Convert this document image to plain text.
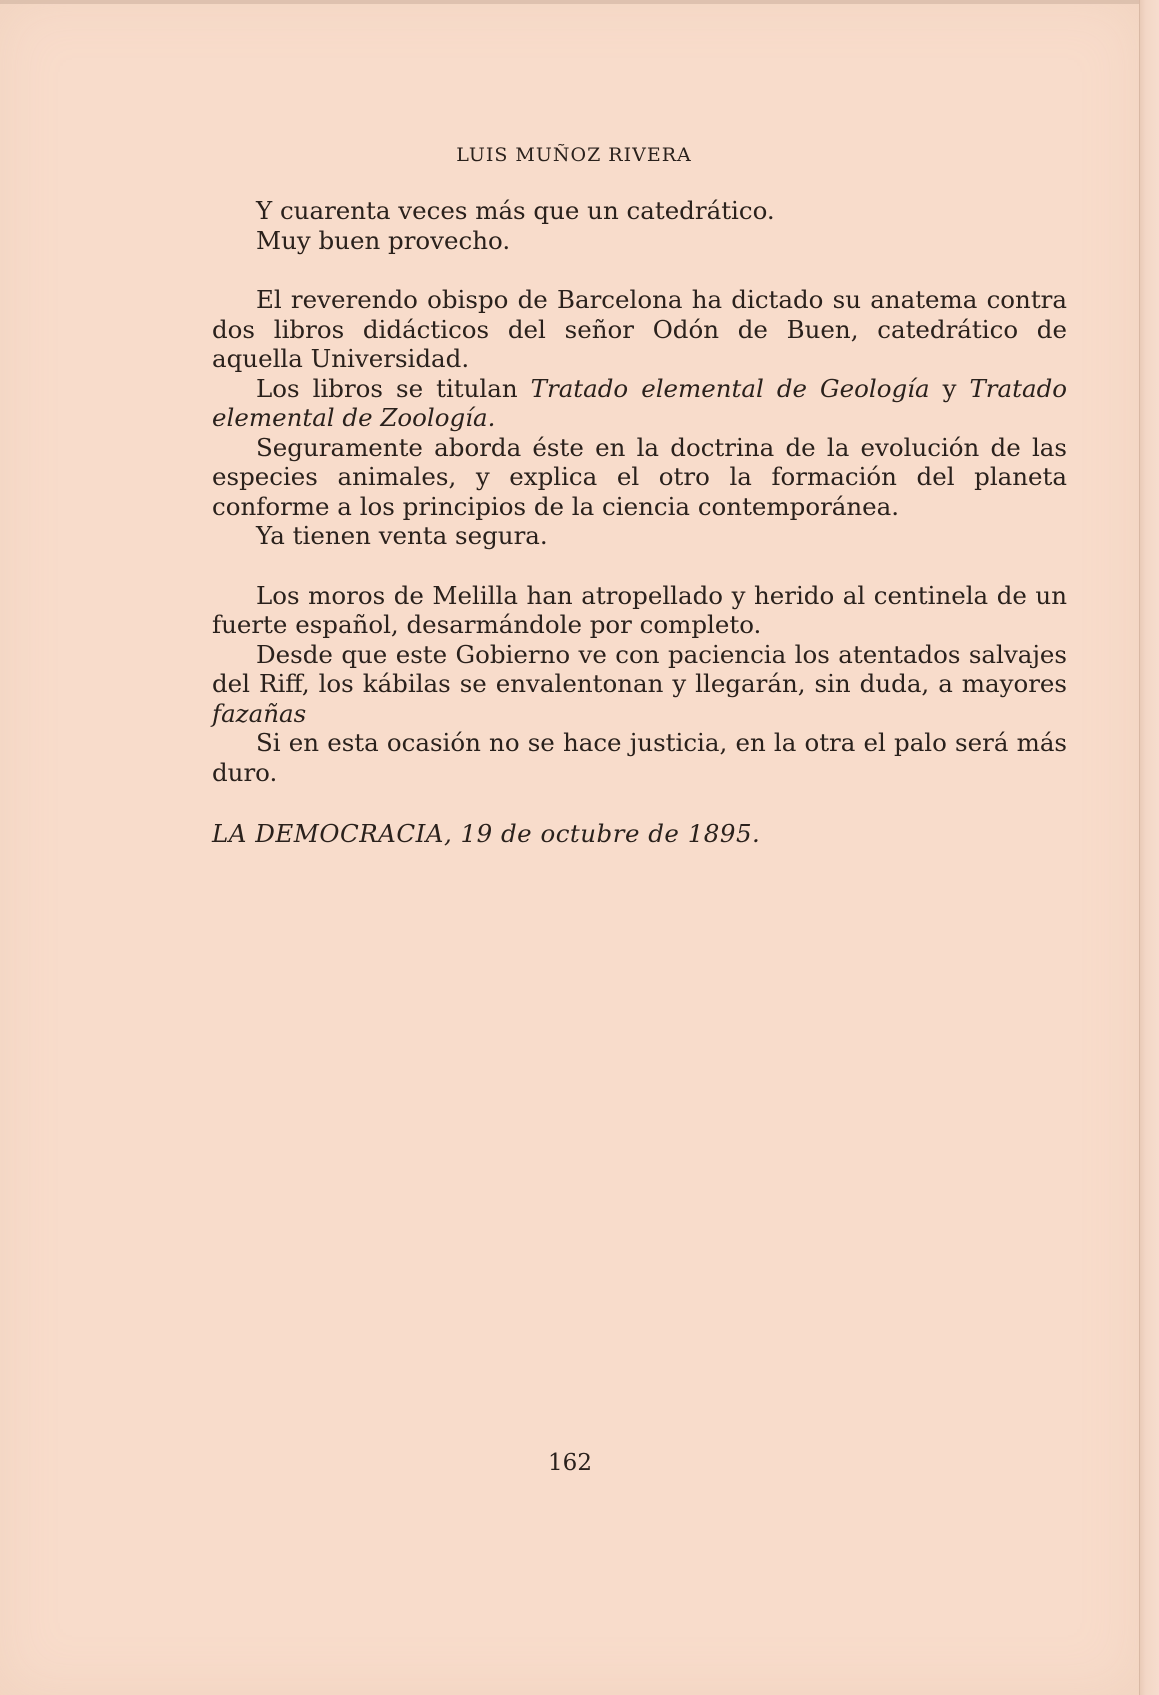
LUIS MUÑOZ RIVERA

Y cuarenta veces más que un catedrático.

Muy buen provecho.

El reverendo obispo de Barcelona ha dictado su anatema contra dos libros didácticos del señor Odón de Buen, catedrático de aquella Universidad.

Los libros se titulan Tratado elemental de Geología y Tratado elemental de Zoología.

Seguramente aborda éste en la doctrina de la evolución de las especies animales, y explica el otro la formación del planeta conforme a los principios de la ciencia contemporánea.

Ya tienen venta segura.

Los moros de Melilla han atropellado y herido al centinela de un fuerte español, desarmándole por completo.

Desde que este Gobierno ve con paciencia los atentados salvajes del Riff, los kábilas se envalentonan y llegarán, sin duda, a mayores fazañas

Si en esta ocasión no se hace justicia, en la otra el palo será más duro.

LA DEMOCRACIA, 19 de octubre de 1895.

162
